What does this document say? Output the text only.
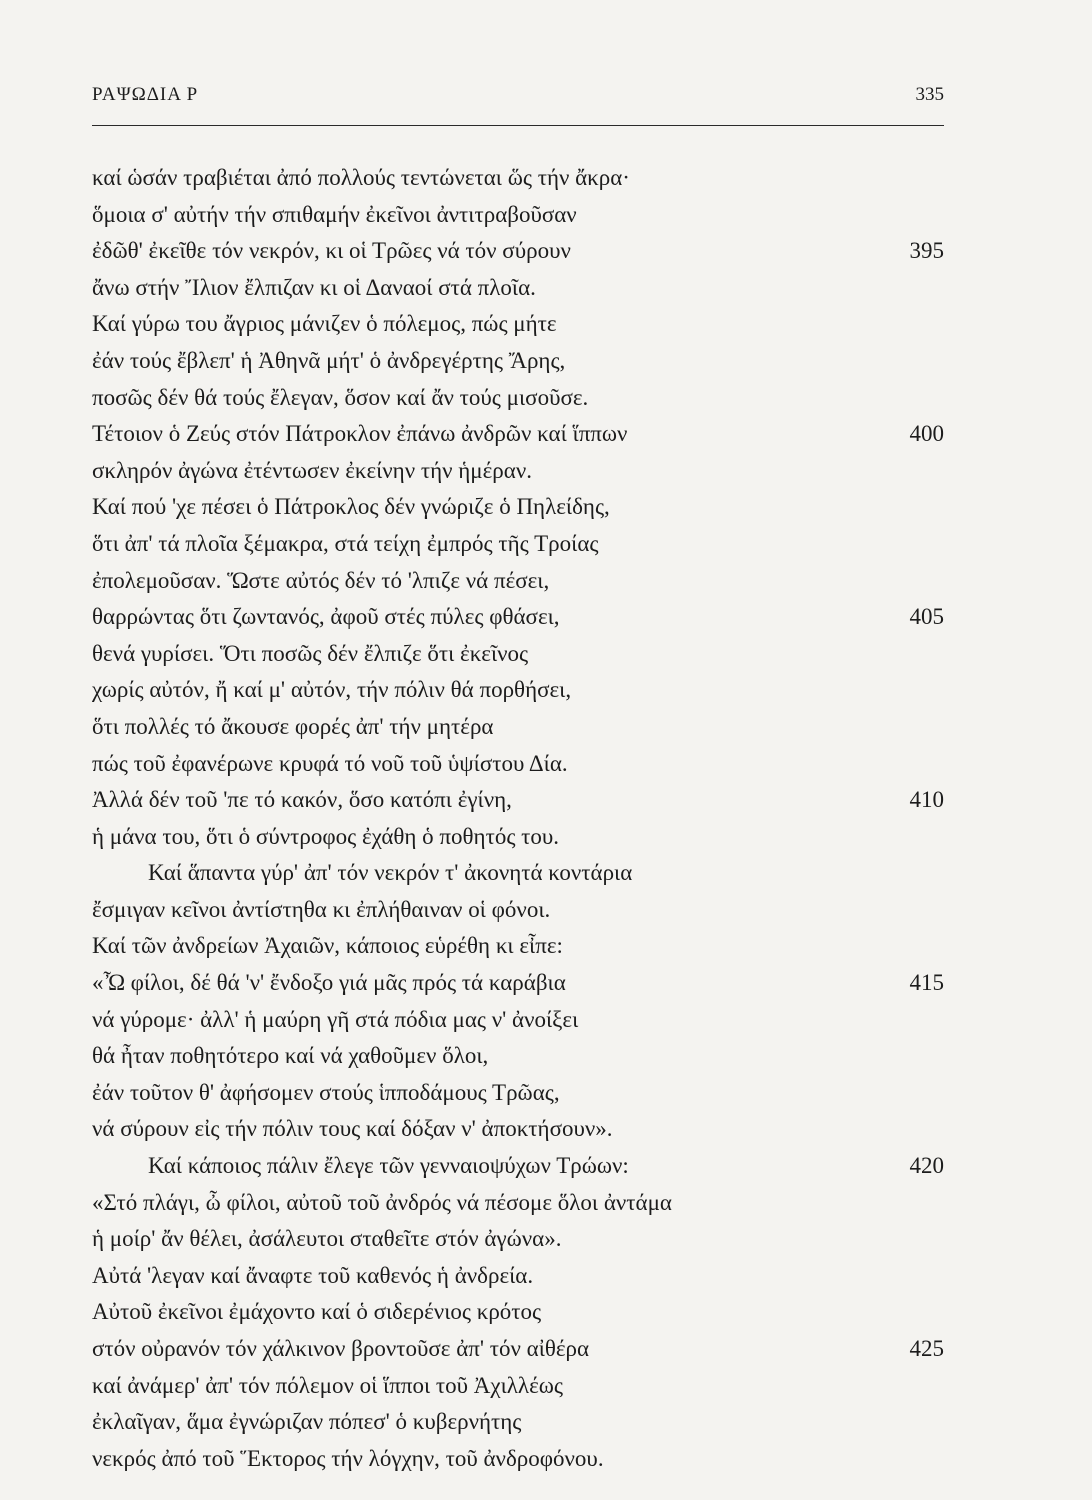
ΡΑΨΩΔΙΑ Ρ	335
καί ὡσάν τραβιέται ἀπό πολλούς τεντώνεται ὥς τήν ἄκρα·
ὅμοια σ' αὐτήν τήν σπιθαμήν ἐκεῖνοι ἀντιτραβοῦσαν
ἐδῶθ' ἐκεῖθε τόν νεκρόν, κι οἱ Τρῶες νά τόν σύρουν	395
ἄνω στήν Ἴλιον ἔλπιζαν κι οἱ Δαναοί στά πλοῖα.
Καί γύρω του ἄγριος μάνιζεν ὁ πόλεμος, πώς μήτε
ἐάν τούς ἔβλεπ' ἡ Ἀθηνᾶ μήτ' ὁ ἀνδρεγέρτης Ἄρης,
ποσῶς δέν θά τούς ἔλεγαν, ὅσον καί ἄν τούς μισοῦσε.
Τέτοιον ὁ Ζεύς στόν Πάτροκλον ἐπάνω ἀνδρῶν καί ἵππων	400
σκληρόν ἀγώνα ἐτέντωσεν ἐκείνην τήν ἡμέραν.
Καί πού 'χε πέσει ὁ Πάτροκλος δέν γνώριζε ὁ Πηλείδης,
ὅτι ἀπ' τά πλοῖα ξέμακρα, στά τείχη ἐμπρός τῆς Τροίας
ἐπολεμοῦσαν. Ὥστε αὐτός δέν τό 'λπιζε νά πέσει,
θαρρώντας ὅτι ζωντανός, ἀφοῦ στές πύλες φθάσει,	405
θενά γυρίσει. Ὅτι ποσῶς δέν ἔλπιζε ὅτι ἐκεῖνος
χωρίς αὐτόν, ἤ καί μ' αὐτόν, τήν πόλιν θά πορθήσει,
ὅτι πολλές τό ἄκουσε φορές ἀπ' τήν μητέρα
πώς τοῦ ἐφανέρωνε κρυφά τό νοῦ τοῦ ὑψίστου Δία.
Ἀλλά δέν τοῦ 'πε τό κακόν, ὅσο κατόπι ἐγίνη,	410
ἡ μάνα του, ὅτι ὁ σύντροφος ἐχάθη ὁ ποθητός του.
Καί ἅπαντα γύρ' ἀπ' τόν νεκρόν τ' ἀκονητά κοντάρια
ἔσμιγαν κεῖνοι ἀντίστηθα κι ἐπλήθαιναν οἱ φόνοι.
Καί τῶν ἀνδρείων Ἀχαιῶν, κάποιος εὑρέθη κι εἶπε:
«Ὦ φίλοι, δέ θά 'ν' ἔνδοξο γιά μᾶς πρός τά καράβια	415
νά γύρομε· ἀλλ' ἡ μαύρη γῆ στά πόδια μας ν' ἀνοίξει
θά ἦταν ποθητότερο καί νά χαθοῦμεν ὅλοι,
ἐάν τοῦτον θ' ἀφήσομεν στούς ἱπποδάμους Τρῶας,
νά σύρουν εἰς τήν πόλιν τους καί δόξαν ν' ἀποκτήσουν».
Καί κάποιος πάλιν ἔλεγε τῶν γενναιοψύχων Τρώων:	420
«Στό πλάγι, ὦ φίλοι, αὐτοῦ τοῦ ἀνδρός νά πέσομε ὅλοι ἀντάμα
ἡ μοίρ' ἄν θέλει, ἀσάλευτοι σταθεῖτε στόν ἀγώνα».
Αὐτά 'λεγαν καί ἄναφτε τοῦ καθενός ἡ ἀνδρεία.
Αὐτοῦ ἐκεῖνοι ἐμάχοντο καί ὁ σιδερένιος κρότος
στόν οὐρανόν τόν χάλκινον βροντοῦσε ἀπ' τόν αἰθέρα	425
καί ἀνάμερ' ἀπ' τόν πόλεμον οἱ ἵπποι τοῦ Ἀχιλλέως
ἐκλαῖγαν, ἅμα ἐγνώριζαν πόπεσ' ὁ κυβερνήτης
νεκρός ἀπό τοῦ Ἕκτορος τήν λόγχην, τοῦ ἀνδροφόνου.
